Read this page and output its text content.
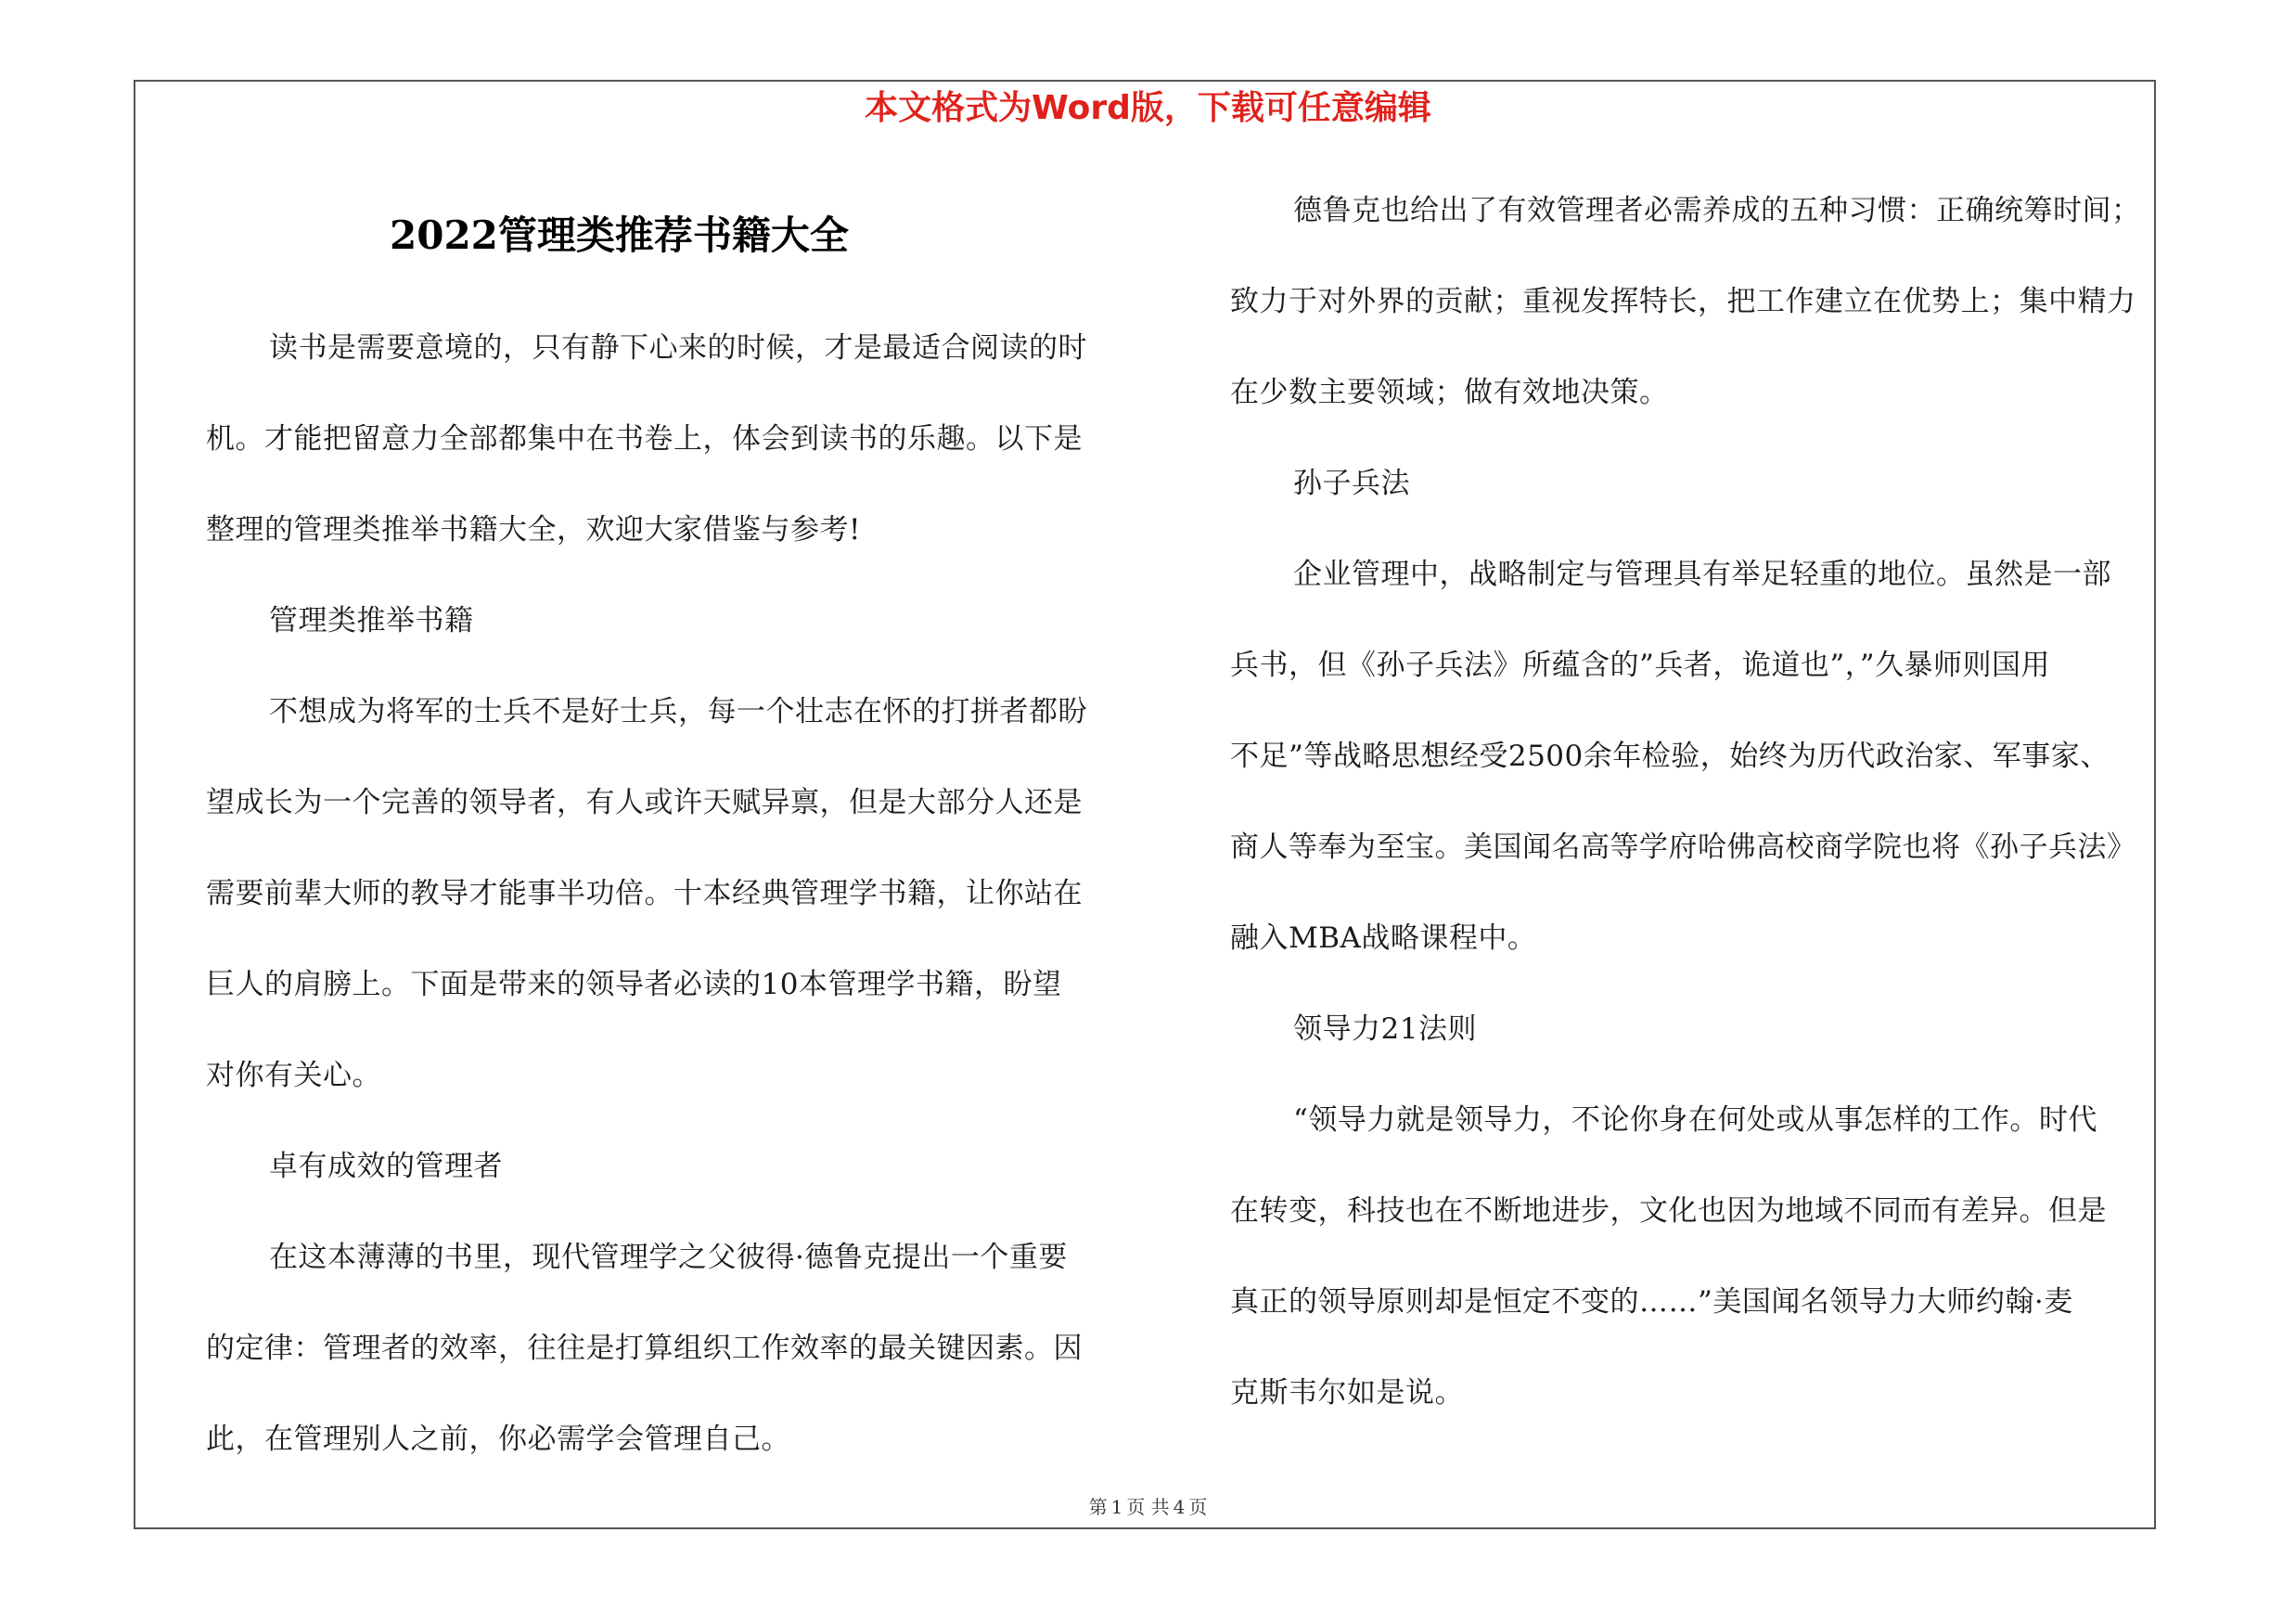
本文格式为Word版，下载可任意编辑
2022管理类推荐书籍大全

读书是需要意境的，只有静下心来的时候，才是最适合阅读的时

机。才能把留意力全部都集中在书卷上，体会到读书的乐趣。以下是

整理的管理类推举书籍大全，欢迎大家借鉴与参考!

管理类推举书籍

不想成为将军的士兵不是好士兵，每一个壮志在怀的打拼者都盼

望成长为一个完善的领导者，有人或许天赋异禀，但是大部分人还是

需要前辈大师的教导才能事半功倍。十本经典管理学书籍，让你站在

巨人的肩膀上。下面是带来的领导者必读的10本管理学书籍，盼望

对你有关心。

卓有成效的管理者

在这本薄薄的书里，现代管理学之父彼得·德鲁克提出一个重要

的定律：管理者的效率，往往是打算组织工作效率的最关键因素。因

此，在管理别人之前，你必需学会管理自己。

德鲁克也给出了有效管理者必需养成的五种习惯：正确统筹时间；

致力于对外界的贡献；重视发挥特长，把工作建立在优势上；集中精力

在少数主要领域；做有效地决策。

孙子兵法

企业管理中，战略制定与管理具有举足轻重的地位。虽然是一部

兵书，但《孙子兵法》所蕴含的”兵者，诡道也”，”久暴师则国用

不足”等战略思想经受2500余年检验，始终为历代政治家、军事家、

商人等奉为至宝。美国闻名高等学府哈佛高校商学院也将《孙子兵法》

融入MBA战略课程中。

领导力21法则

“领导力就是领导力，不论你身在何处或从事怎样的工作。时代

在转变，科技也在不断地进步，文化也因为地域不同而有差异。但是

真正的领导原则却是恒定不变的……”美国闻名领导力大师约翰·麦

克斯韦尔如是说。

第 1 页 共 4 页
